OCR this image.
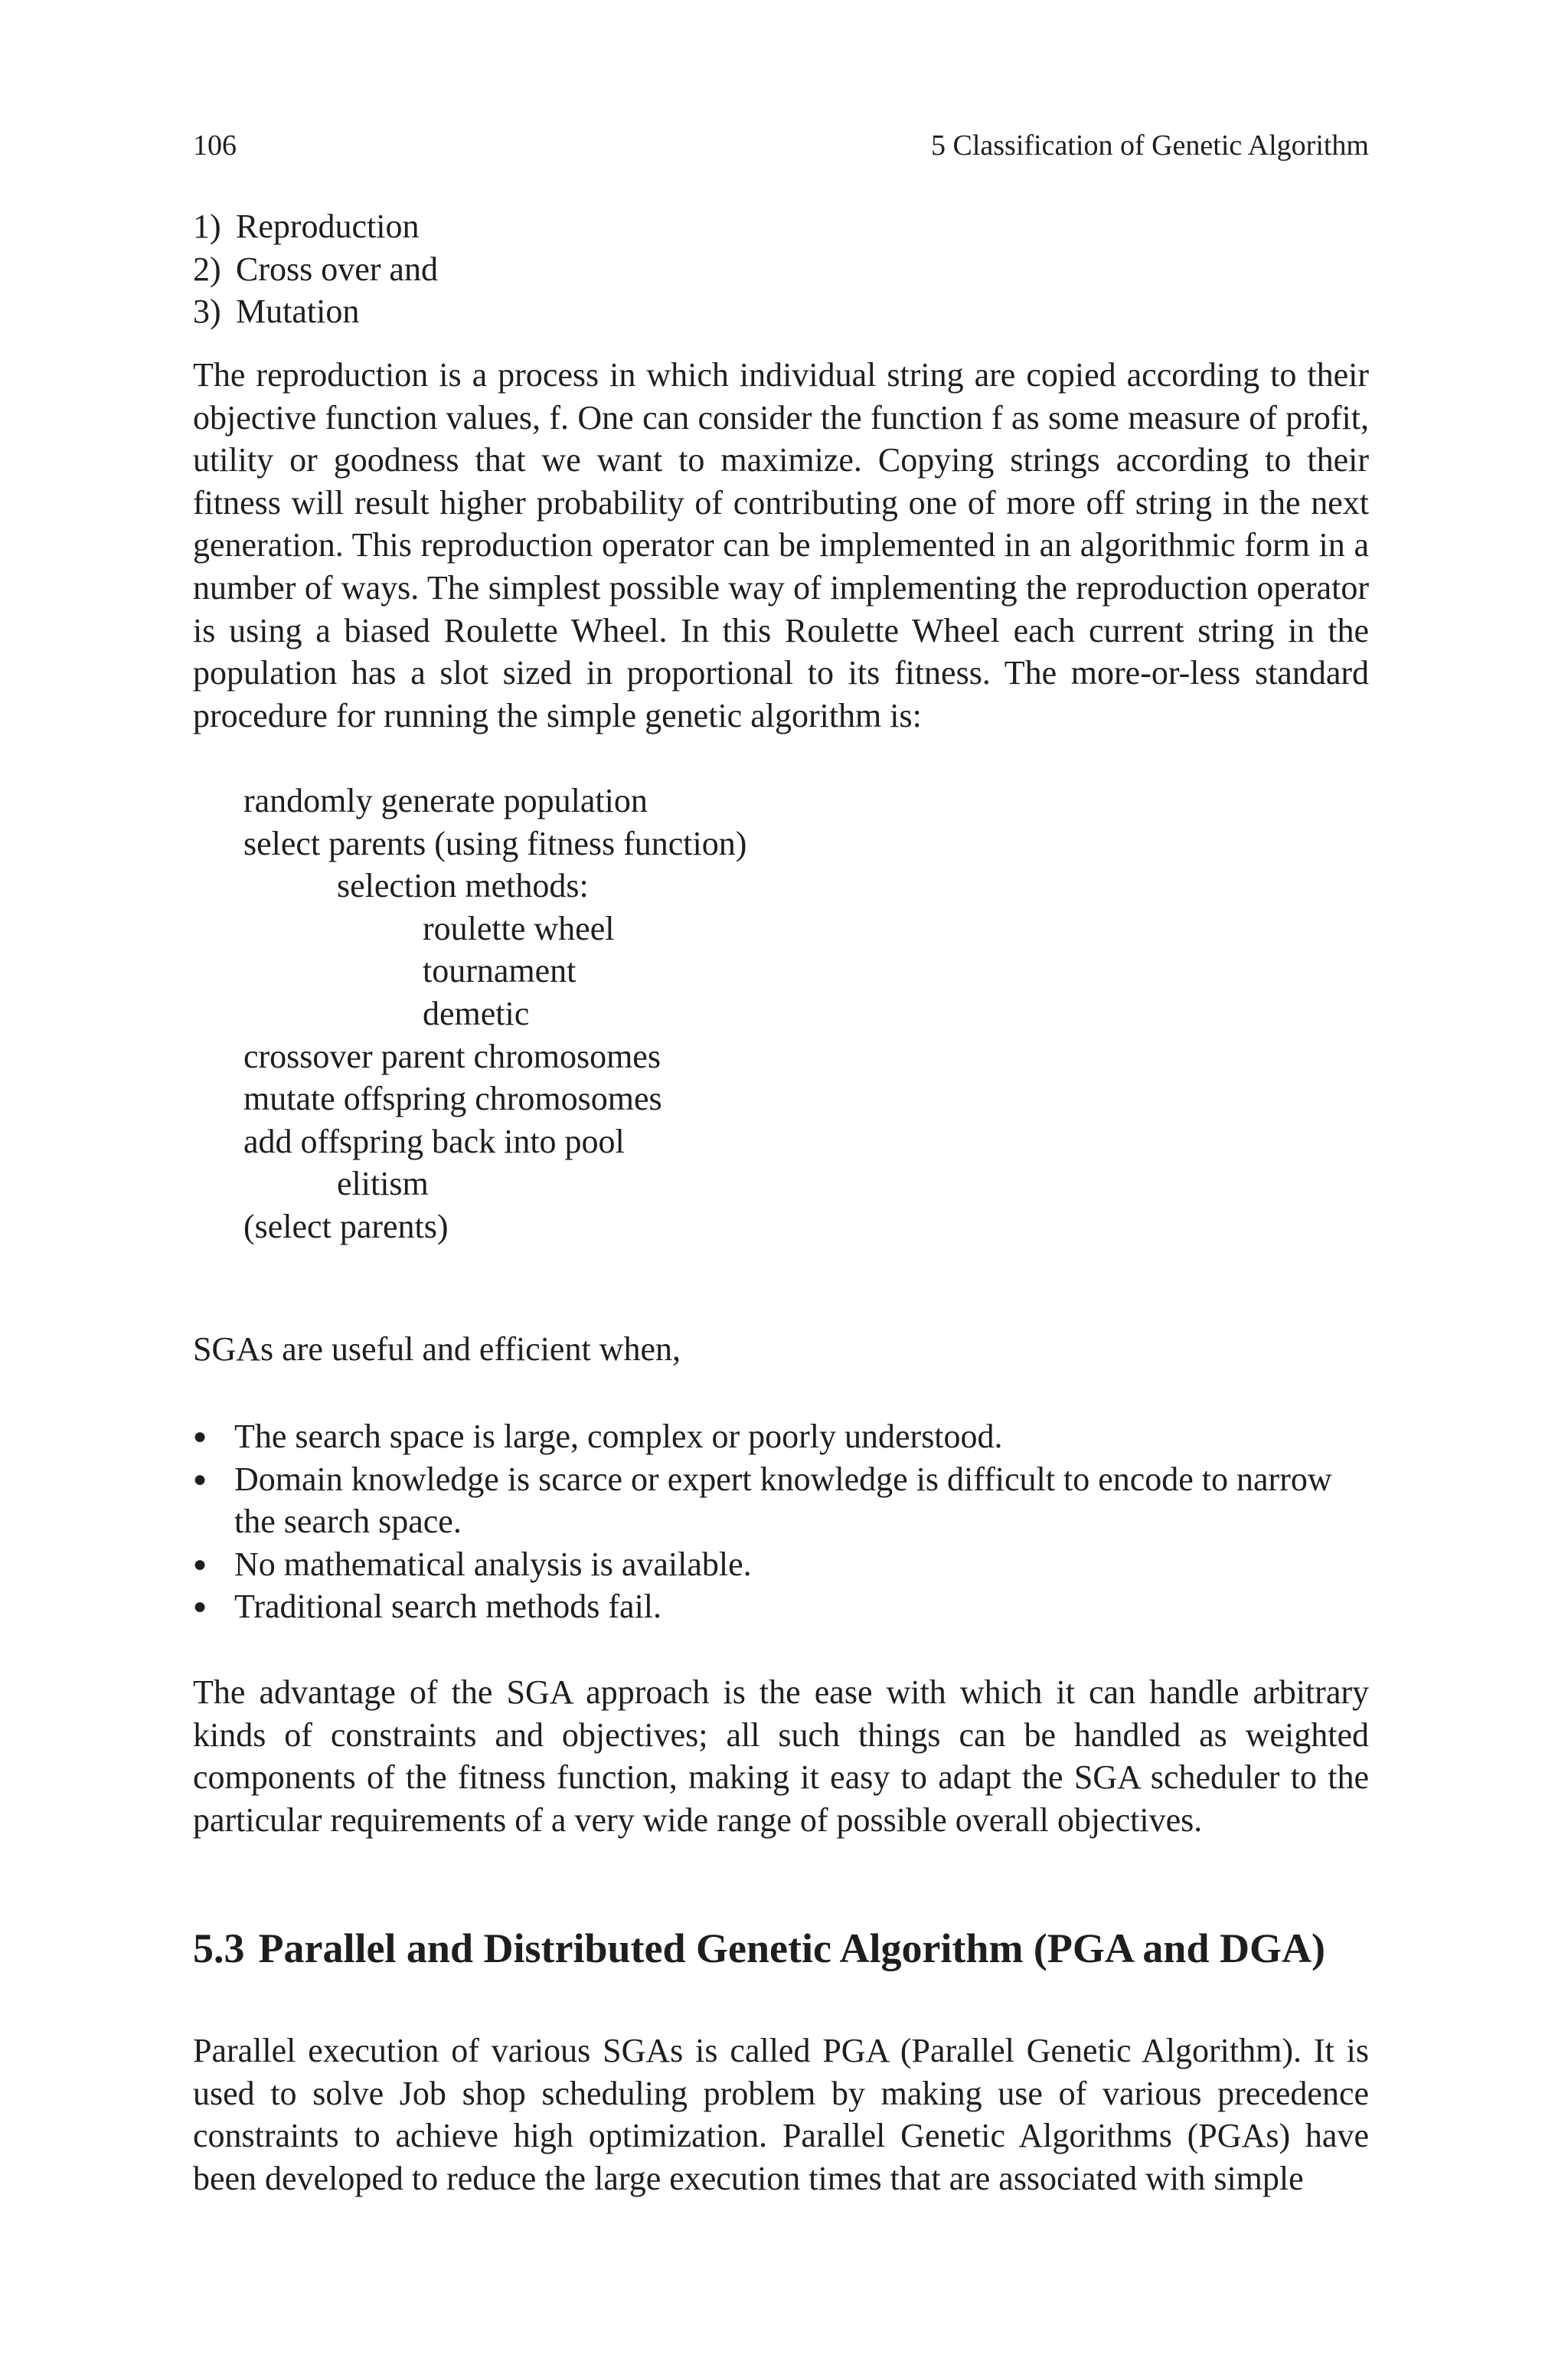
106	5 Classification of Genetic Algorithm
1) Reproduction
2) Cross over and
3) Mutation

The reproduction is a process in which individual string are copied according to their objective function values, f. One can consider the function f as some measure of profit, utility or goodness that we want to maximize. Copying strings according to their fitness will result higher probability of contributing one of more off string in the next generation. This reproduction operator can be implemented in an algorithmic form in a number of ways. The simplest possible way of implementing the reproduction operator is using a biased Roulette Wheel. In this Roulette Wheel each current string in the population has a slot sized in proportional to its fitness. The more-or-less standard procedure for running the simple genetic algorithm is:

randomly generate population
select parents (using fitness function)
selection methods:
roulette wheel
tournament
demetic
crossover parent chromosomes
mutate offspring chromosomes
add offspring back into pool
elitism
(select parents)

SGAs are useful and efficient when,

● The search space is large, complex or poorly understood.
● Domain knowledge is scarce or expert knowledge is difficult to encode to narrow the search space.
● No mathematical analysis is available.
● Traditional search methods fail.

The advantage of the SGA approach is the ease with which it can handle arbitrary kinds of constraints and objectives; all such things can be handled as weighted components of the fitness function, making it easy to adapt the SGA scheduler to the particular requirements of a very wide range of possible overall objectives.

5.3 Parallel and Distributed Genetic Algorithm (PGA and DGA)

Parallel execution of various SGAs is called PGA (Parallel Genetic Algorithm). It is used to solve Job shop scheduling problem by making use of various precedence constraints to achieve high optimization. Parallel Genetic Algorithms (PGAs) have been developed to reduce the large execution times that are associated with simple
